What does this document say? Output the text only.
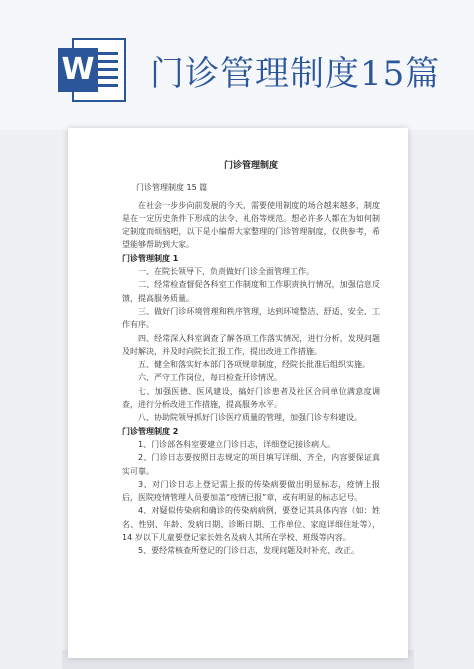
W 门诊管理制度15篇
门诊管理制度
门诊管理制度 15 篇
在社会一步步向前发展的今天，需要使用制度的场合越来越多，制度是在一定历史条件下形成的法令、礼俗等规范。想必许多人都在为如何制定制度而烦恼吧，以下是小编帮大家整理的门诊管理制度，仅供参考，希望能够帮助到大家。
门诊管理制度 1
一、在院长领导下，负责做好门诊全面管理工作。
二、经常检查督促各科室工作制度和工作职责执行情况，加强信息反馈，提高服务质量。
三、做好门诊环境管理和秩序管理，达到环境整洁、舒适、安全、工作有序。
四、经常深入科室调查了解各项工作落实情况，进行分析，发现问题及时解决，并及时向院长汇报工作，提出改进工作措施。
五、健全和落实好本部门各项规章制度，经院长批准后组织实施。
六、严守工作岗位，每日检查开诊情况。
七、加强医德、医风建设，搞好门诊患者及社区合同单位满意度调查，进行分析改进工作措施，提高服务水平。
八、协助院领导抓好门诊医疗质量的管理，加强门诊专科建设。
门诊管理制度 2
1、门诊部各科室要建立门诊日志，详细登记接诊病人。
2、门诊日志要按照日志规定的项目填写详细、齐全，内容要保证真实可靠。
3、对门诊日志上登记需上报的传染病要做出明显标志，疫情上报后，医院疫情管理人员要加盖“疫情已报”章，或有明显的标志记号。
4、对疑似传染病和确诊的传染病病例，要登记其具体内容（如：姓名、性别、年龄、发病日期、诊断日期、工作单位、家庭详细住址等），14 岁以下儿童要登记家长姓名及病人其所在学校、班级等内容。
5、要经常核查所登记的门诊日志，发现问题及时补充、改正。
